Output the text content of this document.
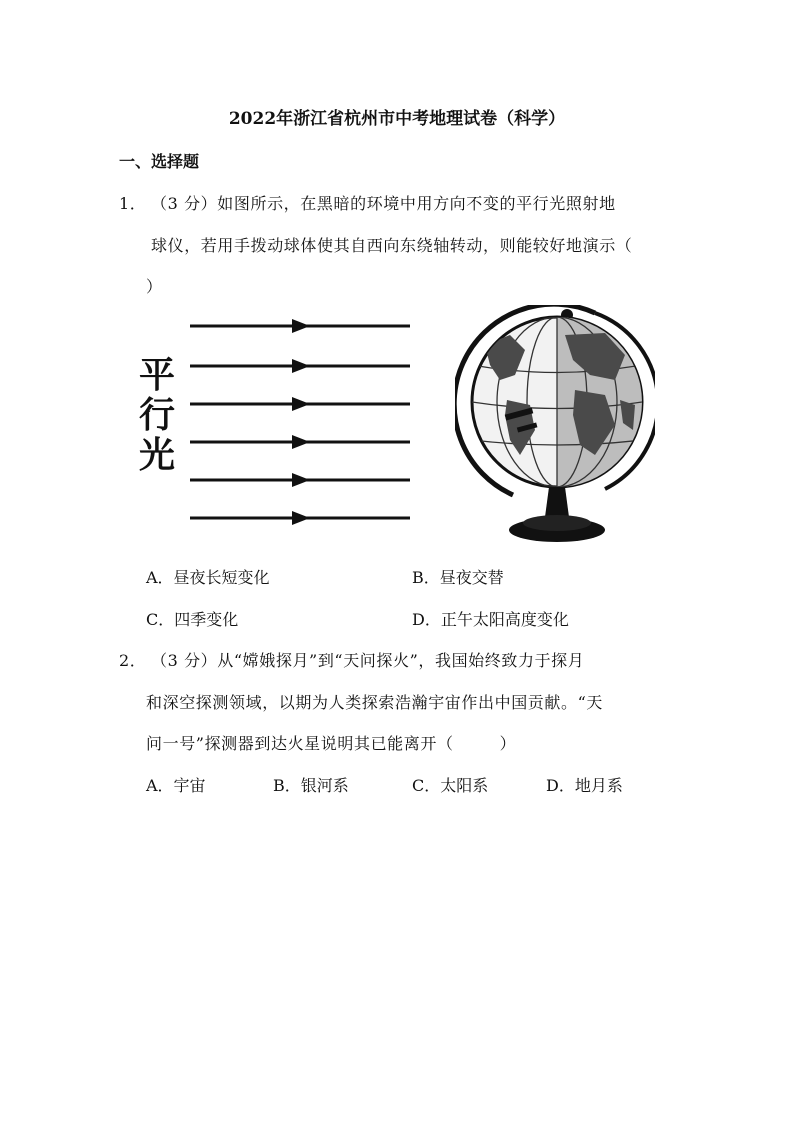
2022年浙江省杭州市中考地理试卷（科学）
一、选择题
1． （3 分）如图所示，在黑暗的环境中用方向不变的平行光照射地
球仪，若用手拨动球体使其自西向东绕轴转动，则能较好地演示（
）
平
行
光
A．昼夜长短变化	B．昼夜交替
C．四季变化	D．正午太阳高度变化
2． （3 分）从“嫦娥探月”到“天问探火”，我国始终致力于探月
和深空探测领域，以期为人类探索浩瀚宇宙作出中国贡献。“天
问一号”探测器到达火星说明其已能离开（	）
A．宇宙	B．银河系	C．太阳系	D．地月系
